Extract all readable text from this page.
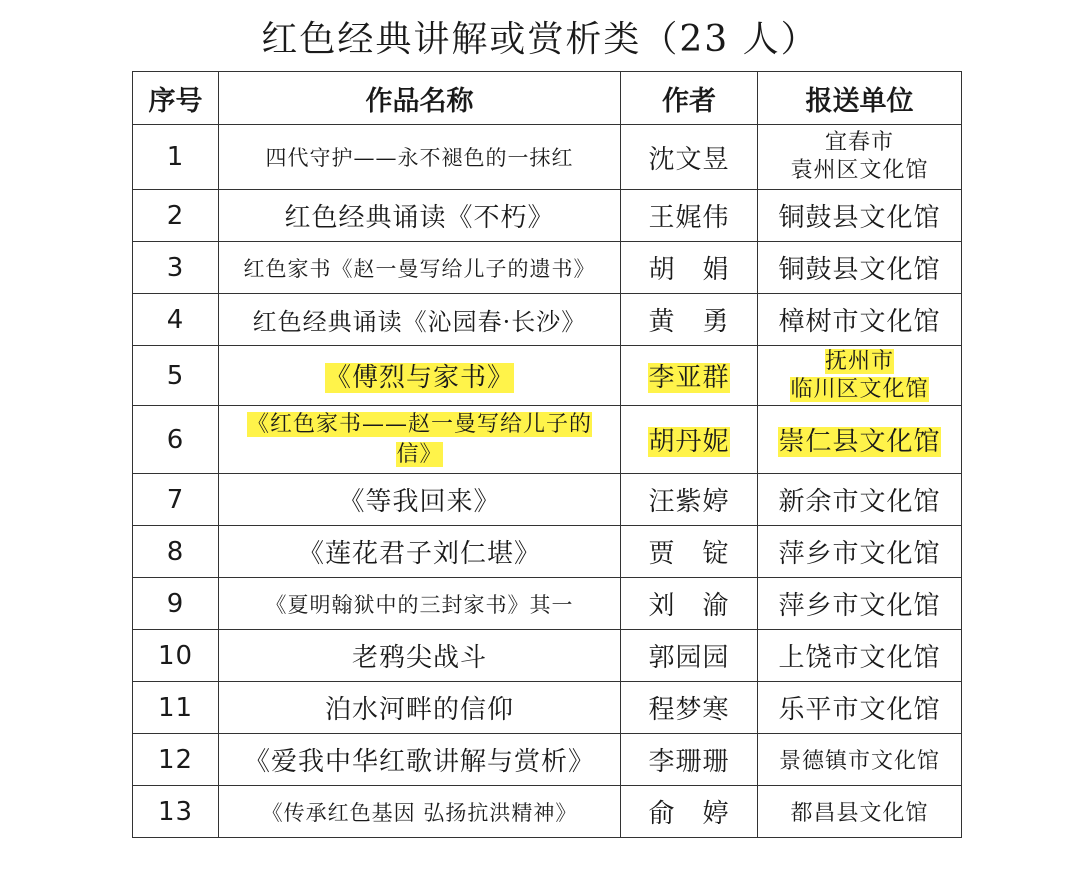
红色经典讲解或赏析类（23 人）
序号	作品名称	作者	报送单位
1	四代守护——永不褪色的一抹红	沈文昱	宜春市
袁州区文化馆

2	红色经典诵读《不朽》	王娓伟	铜鼓县文化馆
3	红色家书《赵一曼写给儿子的遗书》	胡　娟	铜鼓县文化馆
4	红色经典诵读《沁园春·长沙》	黄　勇	樟树市文化馆
5	《傅烈与家书》	李亚群	抚州市
临川区文化馆

6	《红色家书——赵一曼写给儿子的
信》	胡丹妮	崇仁县文化馆
7	《等我回来》	汪紫婷	新余市文化馆
8	《莲花君子刘仁堪》	贾　锭	萍乡市文化馆
9	《夏明翰狱中的三封家书》其一	刘　渝	萍乡市文化馆
10	老鸦尖战斗	郭园园	上饶市文化馆
11	泊水河畔的信仰	程梦寒	乐平市文化馆
12	《爱我中华红歌讲解与赏析》	李珊珊	景德镇市文化馆
13	《传承红色基因 弘扬抗洪精神》	俞　婷	都昌县文化馆
